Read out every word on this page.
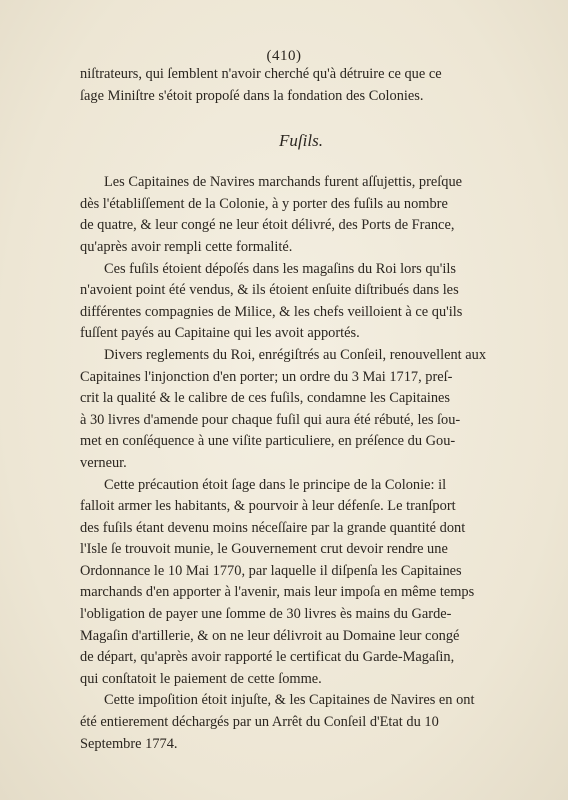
(410)
niſtrateurs, qui ſemblent n'avoir cherché qu'à détruire ce que ce
ſage Miniſtre s'étoit propoſé dans la fondation des Colonies.
Fuſils.
Les Capitaines de Navires marchands furent aſſujettis, preſque
dès l'établiſſement de la Colonie, à y porter des fuſils au nombre
de quatre, & leur congé ne leur étoit délivré, des Ports de France,
qu'après avoir rempli cette formalité.
Ces fuſils étoient dépoſés dans les magaſins du Roi lors qu'ils
n'avoient point été vendus, & ils étoient enſuite diſtribués dans les
différentes compagnies de Milice, & les chefs veilloient à ce qu'ils
fuſſent payés au Capitaine qui les avoit apportés.
Divers reglements du Roi, enrégiſtrés au Conſeil, renouvellent aux
Capitaines l'injonction d'en porter; un ordre du 3 Mai 1717, preſ-
crit la qualité & le calibre de ces fuſils, condamne les Capitaines
à 30 livres d'amende pour chaque fuſil qui aura été rébuté, les ſou-
met en conſéquence à une viſite particuliere, en préſence du Gou-
verneur.
Cette précaution étoit ſage dans le principe de la Colonie: il
falloit armer les habitants, & pourvoir à leur défenſe. Le tranſport
des fuſils étant devenu moins néceſſaire par la grande quantité dont
l'Isle ſe trouvoit munie, le Gouvernement crut devoir rendre une
Ordonnance le 10 Mai 1770, par laquelle il diſpenſa les Capitaines
marchands d'en apporter à l'avenir, mais leur impoſa en même temps
l'obligation de payer une ſomme de 30 livres ès mains du Garde-
Magaſin d'artillerie, & on ne leur délivroit au Domaine leur congé
de départ, qu'après avoir rapporté le certificat du Garde-Magaſin,
qui conſtatoit le paiement de cette ſomme.
Cette impoſition étoit injuſte, & les Capitaines de Navires en ont
été entierement déchargés par un Arrêt du Conſeil d'Etat du 10
Septembre 1774.
